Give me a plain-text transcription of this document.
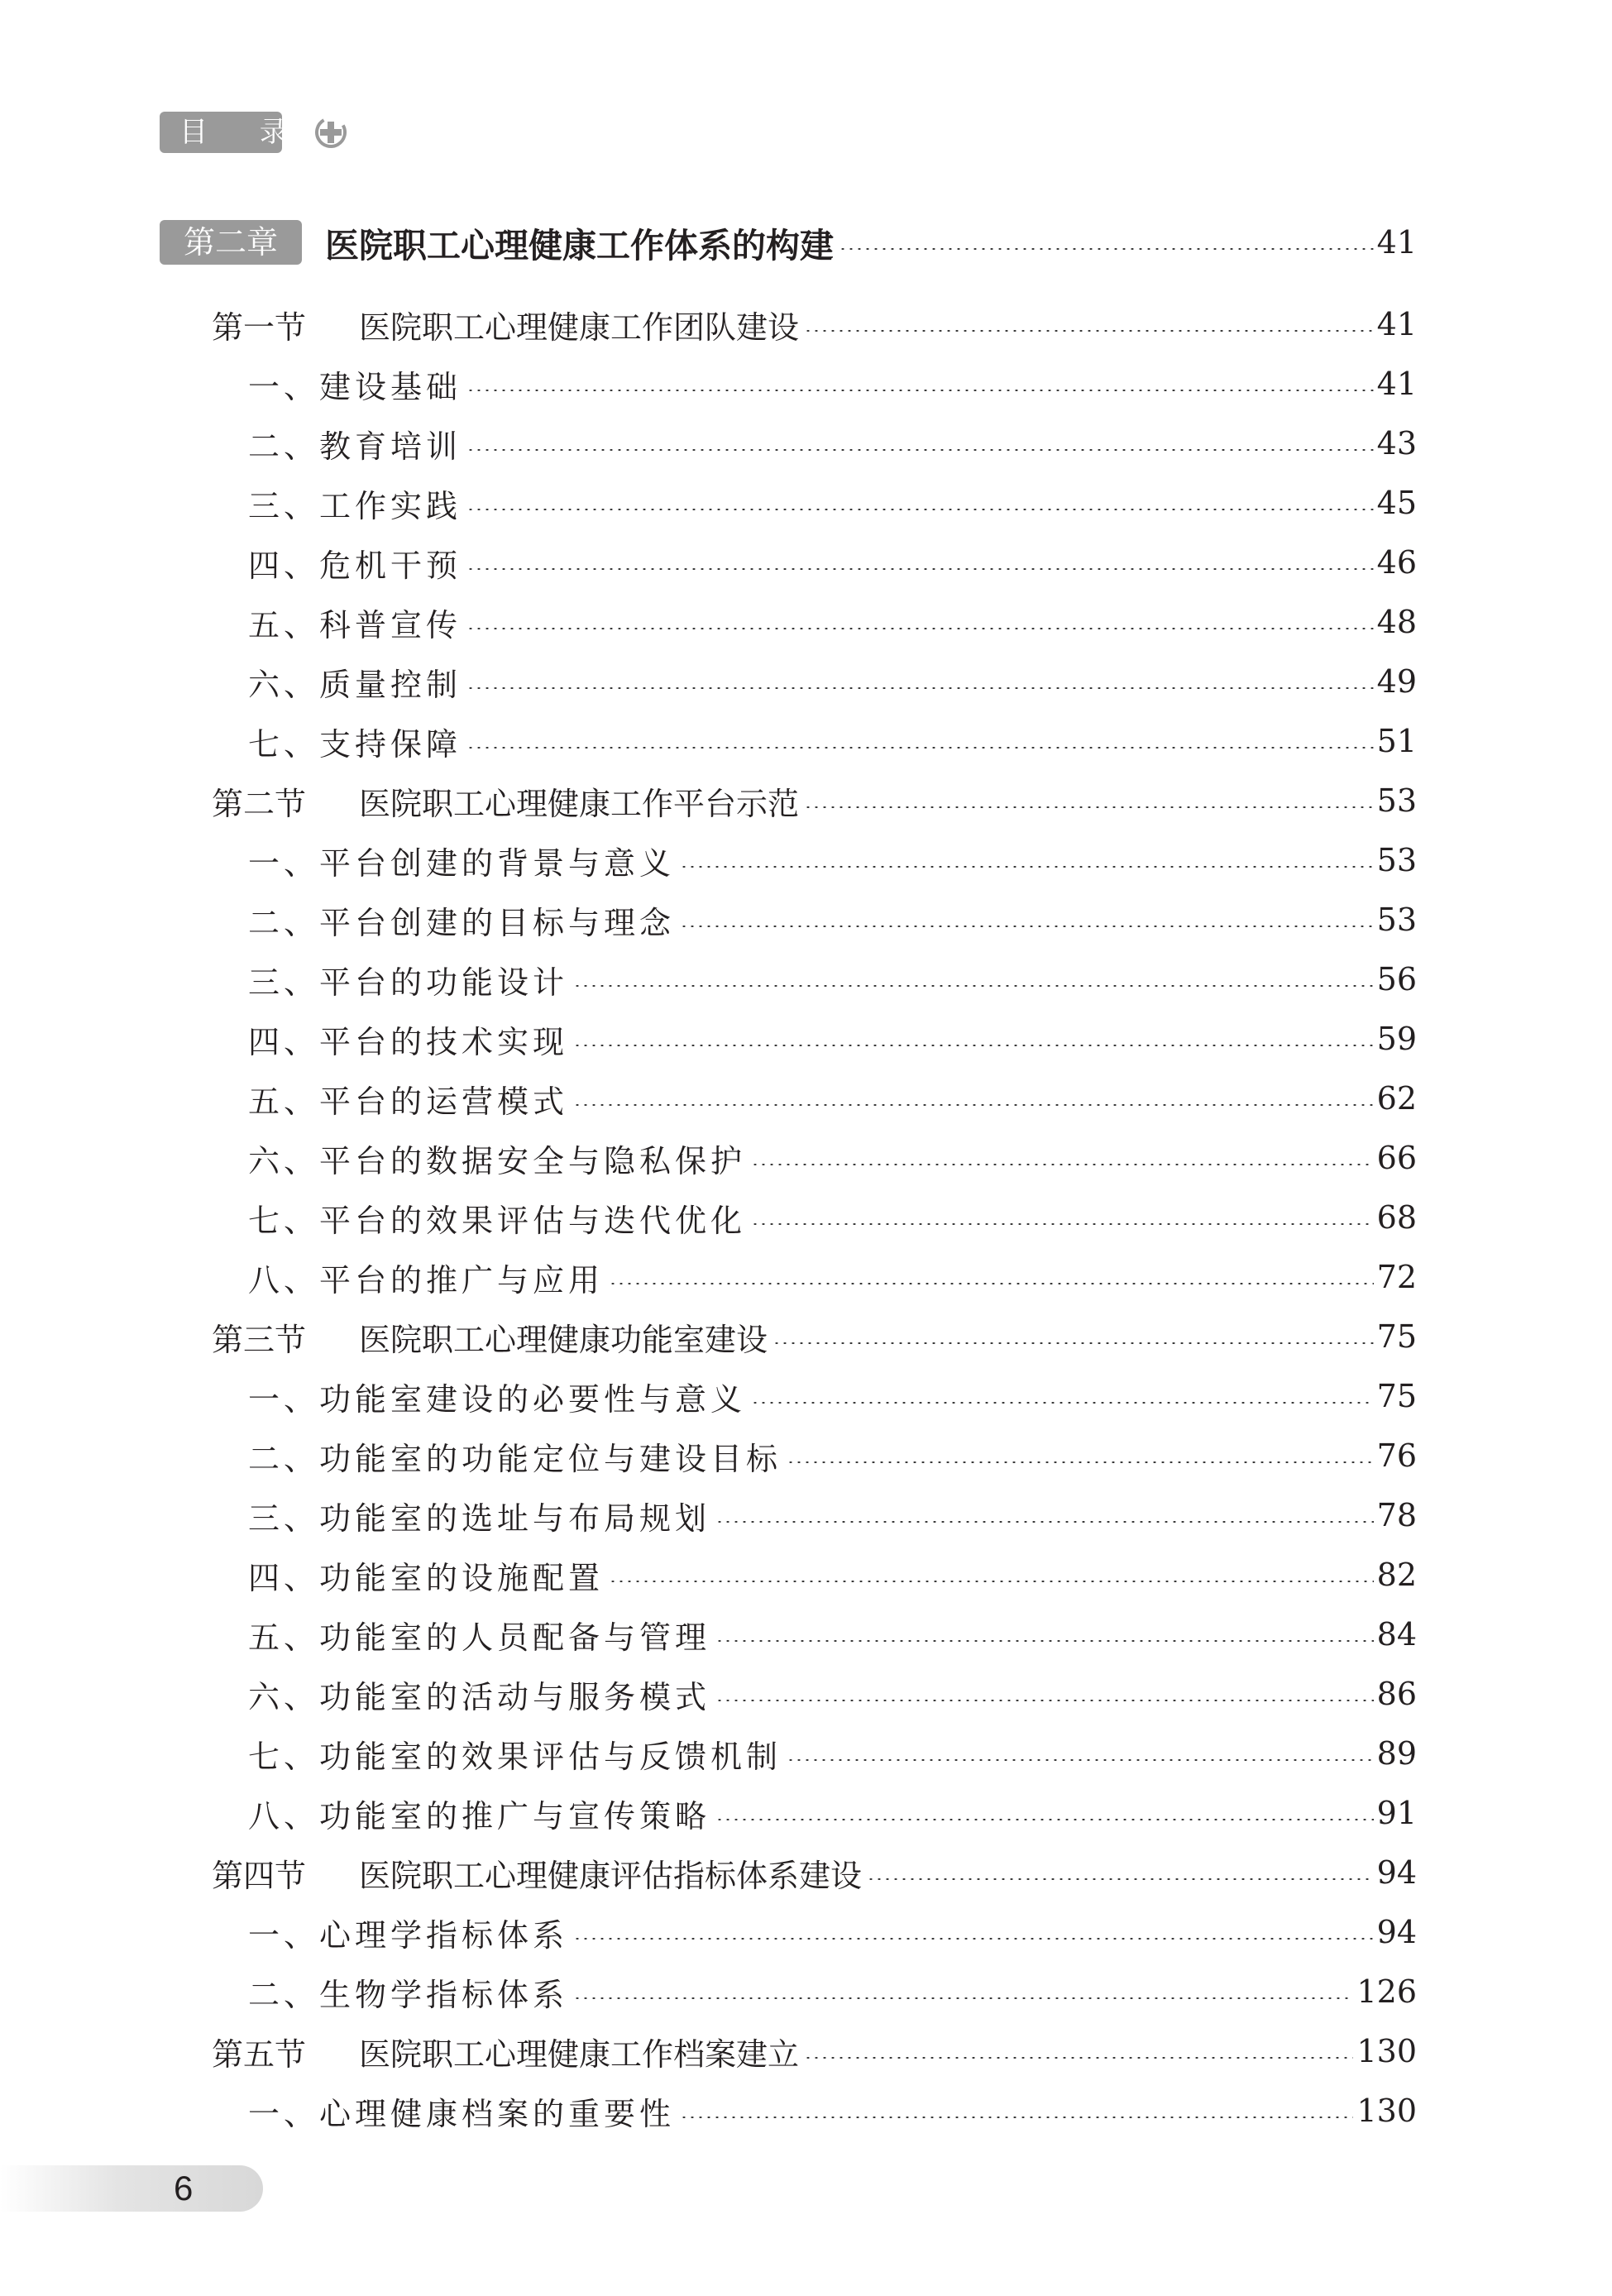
目 录
第二章	医院职工心理健康工作体系的构建	41
第一节	医院职工心理健康工作团队建设	41
一、建设基础	41
二、教育培训	43
三、工作实践	45
四、危机干预	46
五、科普宣传	48
六、质量控制	49
七、支持保障	51
第二节	医院职工心理健康工作平台示范	53
一、平台创建的背景与意义	53
二、平台创建的目标与理念	53
三、平台的功能设计	56
四、平台的技术实现	59
五、平台的运营模式	62
六、平台的数据安全与隐私保护	66
七、平台的效果评估与迭代优化	68
八、平台的推广与应用	72
第三节	医院职工心理健康功能室建设	75
一、功能室建设的必要性与意义	75
二、功能室的功能定位与建设目标	76
三、功能室的选址与布局规划	78
四、功能室的设施配置	82
五、功能室的人员配备与管理	84
六、功能室的活动与服务模式	86
七、功能室的效果评估与反馈机制	89
八、功能室的推广与宣传策略	91
第四节	医院职工心理健康评估指标体系建设	94
一、心理学指标体系	94
二、生物学指标体系	126
第五节	医院职工心理健康工作档案建立	130
一、心理健康档案的重要性	130
6
